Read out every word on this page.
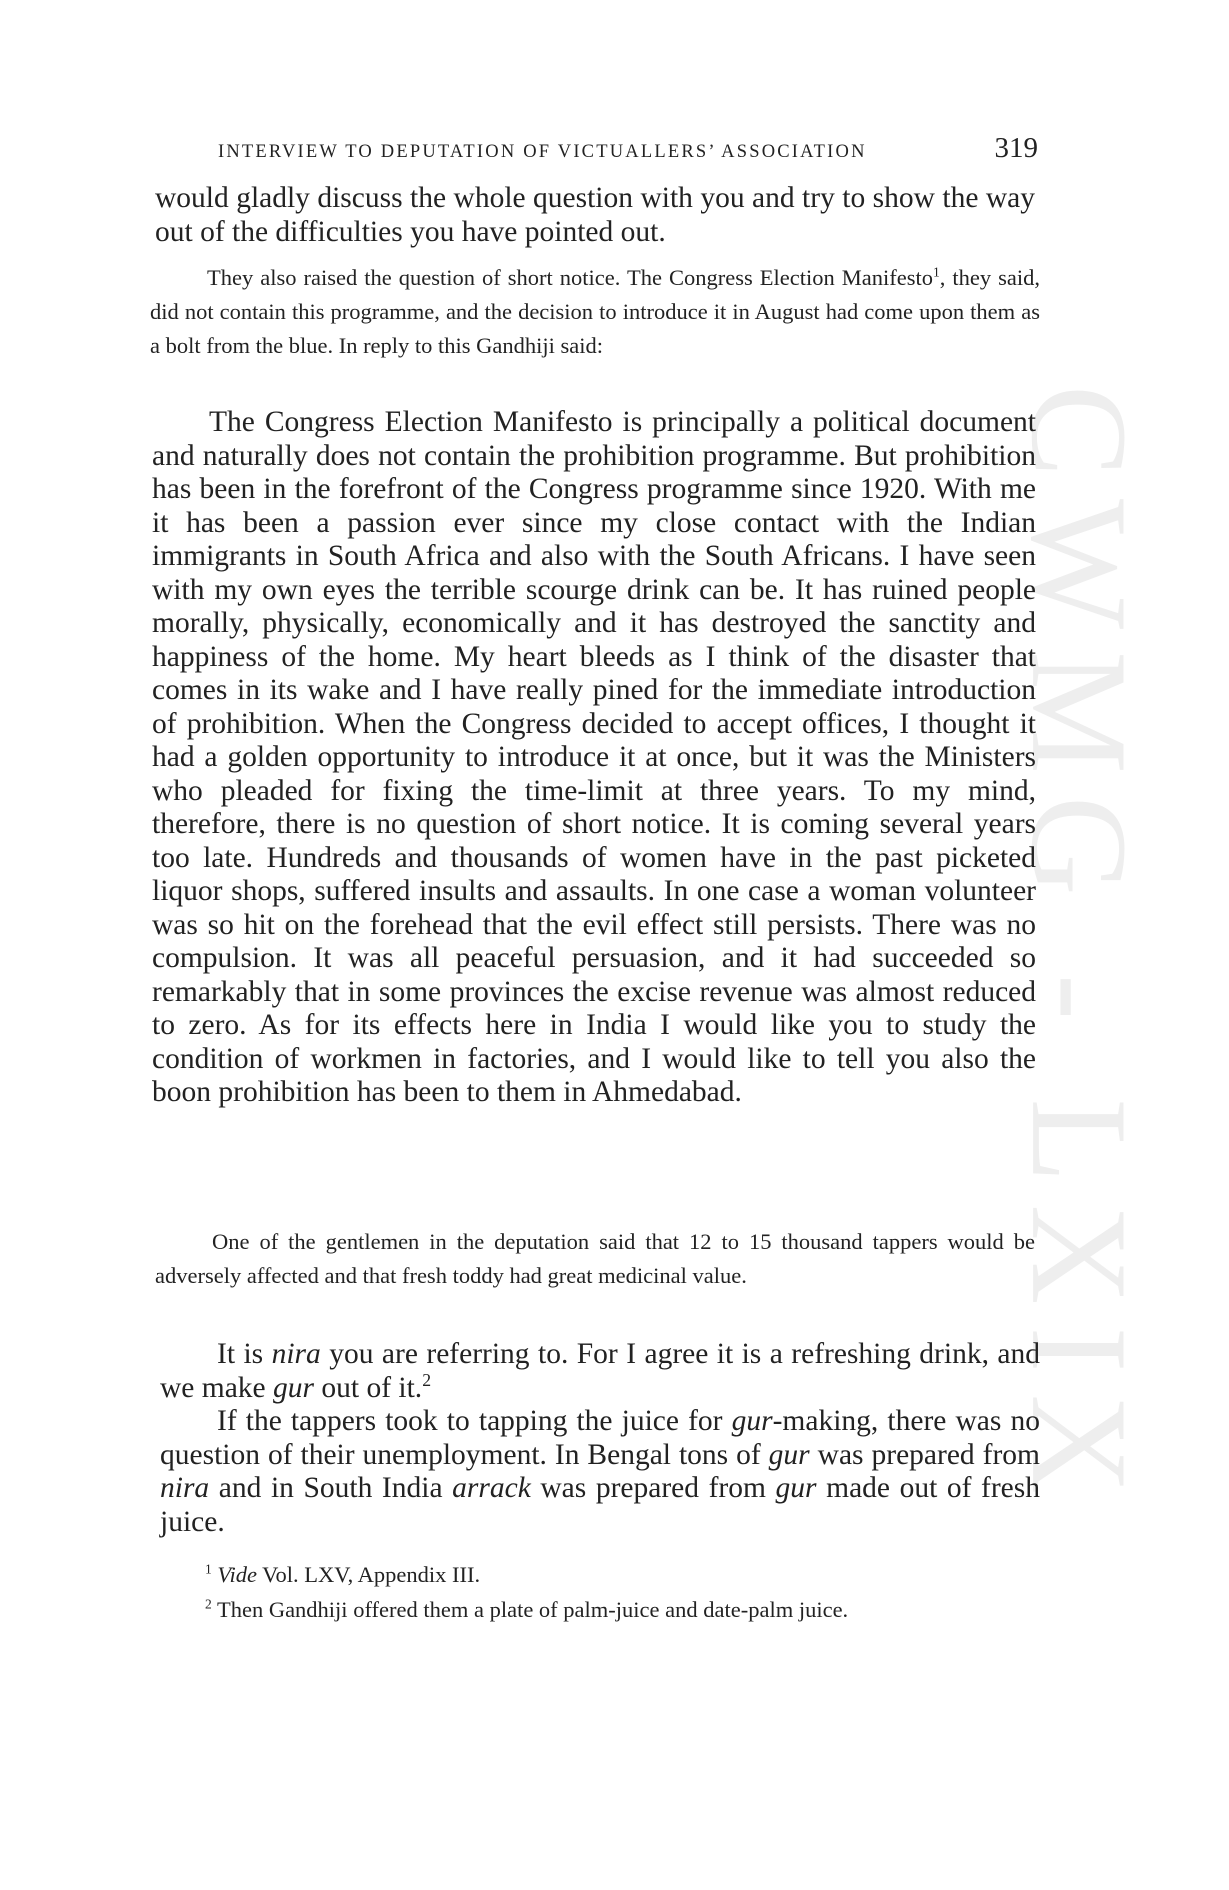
CWMG - LXIX
INTERVIEW TO DEPUTATION OF VICTUALLERS’ ASSOCIATION	319

would gladly discuss the whole question with you and try to show the way out of the difficulties you have pointed out.

They also raised the question of short notice. The Congress Election Manifesto$^1$, they said, did not contain this programme, and the decision to introduce it in August had come upon them as a bolt from the blue. In reply to this Gandhiji said:

The Congress Election Manifesto is principally a political document and naturally does not contain the prohibition programme. But prohibition has been in the forefront of the Congress programme since 1920. With me it has been a passion ever since my close contact with the Indian immigrants in South Africa and also with the South Africans. I have seen with my own eyes the terrible scourge drink can be. It has ruined people morally, physically, economically and it has destroyed the sanctity and happiness of the home. My heart bleeds as I think of the disaster that comes in its wake and I have really pined for the immediate introduction of prohibition. When the Congress decided to accept offices, I thought it had a golden opportunity to introduce it at once, but it was the Ministers who pleaded for fixing the time-limit at three years. To my mind, therefore, there is no question of short notice. It is coming several years too late. Hundreds and thousands of women have in the past picketed liquor shops, suffered insults and assaults. In one case a woman volunteer was so hit on the forehead that the evil effect still persists. There was no compulsion. It was all peaceful persuasion, and it had succeeded so remarkably that in some provinces the excise revenue was almost reduced to zero. As for its effects here in India I would like you to study the condition of workmen in factories, and I would like to tell you also the boon prohibition has been to them in Ahmedabad.

One of the gentlemen in the deputation said that 12 to 15 thousand tappers would be adversely affected and that fresh toddy had great medicinal value.

It is nira you are referring to. For I agree it is a refreshing drink, and we make gur out of it.$^2$

If the tappers took to tapping the juice for gur-making, there was no question of their unemployment. In Bengal tons of gur was prepared from nira and in South India arrack was prepared from gur made out of fresh juice.

$^1$ Vide Vol. LXV, Appendix III.

$^2$ Then Gandhiji offered them a plate of palm-juice and date-palm juice.
